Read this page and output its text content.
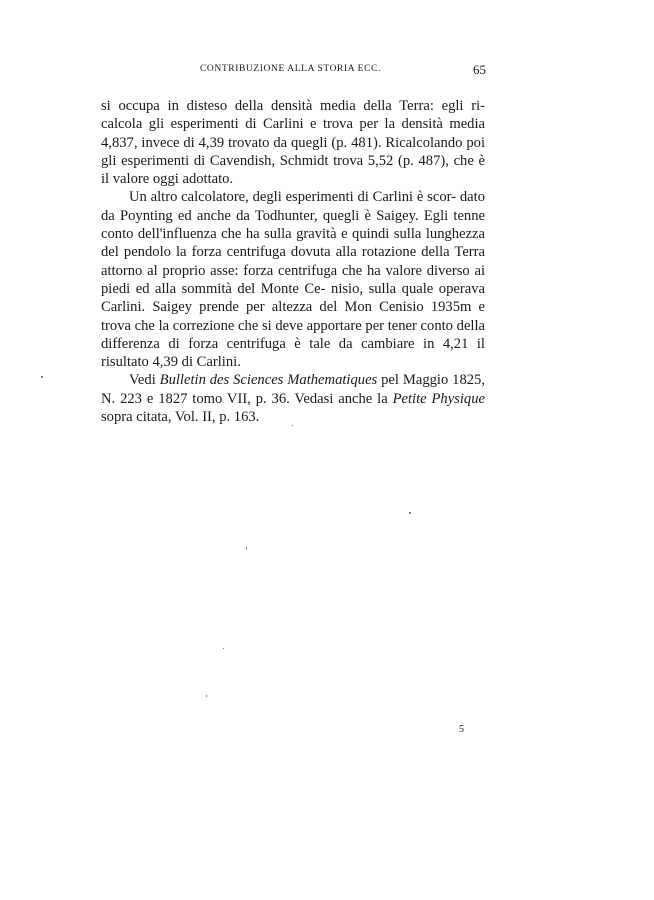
CONTRIBUZIONE ALLA STORIA ECC.	65

si occupa in disteso della densità media della Terra: egli ri- calcola gli esperimenti di Carlini e trova per la densità media 4,837, invece di 4,39 trovato da quegli (p. 481). Ricalcolando poi gli esperimenti di Cavendish, Schmidt trova 5,52 (p. 487), che è il valore oggi adottato.

Un altro calcolatore, degli esperimenti di Carlini è scor- dato da Poynting ed anche da Todhunter, quegli è Saigey. Egli tenne conto dell'influenza che ha sulla gravità e quindi sulla lunghezza del pendolo la forza centrifuga dovuta alla rotazione della Terra attorno al proprio asse: forza centrifuga che ha valore diverso ai piedi ed alla sommità del Monte Ce- nisio, sulla quale operava Carlini. Saigey prende per altezza del Mon Cenisio 1935m e trova che la correzione che si deve apportare per tener conto della differenza di forza centrifuga è tale da cambiare in 4,21 il risultato 4,39 di Carlini.

Vedi Bulletin des Sciences Mathematiques pel Maggio 1825, N. 223 e 1827 tomo VII, p. 36. Vedasi anche la Petite Physique sopra citata, Vol. II, p. 163.

5
